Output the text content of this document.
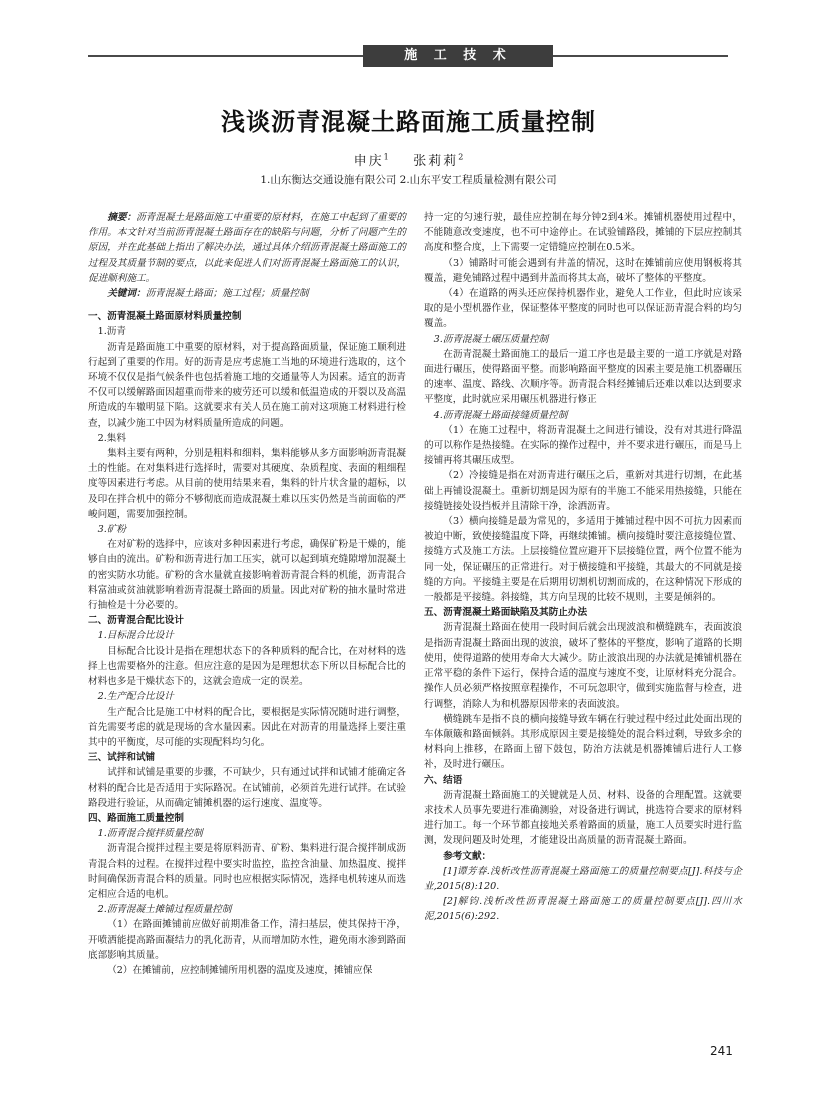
施 工 技 术
浅谈沥青混凝土路面施工质量控制
申庆$^1$ 张莉莉$^2$
1.山东衡达交通设施有限公司 2.山东平安工程质量检测有限公司

摘要：沥青混凝土是路面施工中重要的原材料，在施工中起到了重要的作用。本文针对当前沥青混凝土路面存在的缺陷与问题，分析了问题产生的原因，并在此基础上指出了解决办法，通过具体介绍沥青混凝土路面施工的过程及其质量节制的要点，以此来促进人们对沥青混凝土路面施工的认识，促进顺利施工。

关键词：沥青混凝土路面；施工过程；质量控制

一、沥青混凝土路面原材料质量控制

1.沥青

沥青是路面施工中重要的原材料，对于提高路面质量，保证施工顺利进行起到了重要的作用。好的沥青是应考虑施工当地的环境进行选取的，这个环境不仅仅是指气候条件也包括着施工地的交通量等人为因素。适宜的沥青不仅可以缓解路面因超重而带来的疲劳还可以缓和低温造成的开裂以及高温所造成的车辙明显下陷。这就要求有关人员在施工前对这项施工材料进行检查，以减少施工中因为材料质量所造成的问题。

2.集料

集料主要有两种，分别是粗料和细料，集料能够从多方面影响沥青混凝土的性能。在对集料进行选择时，需要对其硬度、杂质程度、表面的粗细程度等因素进行考虑。从目前的使用结果来看，集料的针片状含量的超标，以及印在拌合机中的筛分不够彻底而造成混凝土难以压实仍然是当前面临的严峻问题，需要加强控制。

3.矿粉

在对矿粉的选择中，应该对多种因素进行考虑，确保矿粉是干燥的，能够自由的流出。矿粉和沥青进行加工压实，就可以起到填充缝隙增加混凝土的密实防水功能。矿粉的含水量就直接影响着沥青混合料的机能，沥青混合料富油或贫油就影响着沥青混凝土路面的质量。因此对矿粉的抽水量时常进行抽检是十分必要的。

二、沥青混合配比设计

1.目标混合比设计

目标配合比设计是指在理想状态下的各种质料的配合比，在对材料的选择上也需要格外的注意。但应注意的是因为是理想状态下所以目标配合比的材料也多是干燥状态下的，这就会造成一定的误差。

2.生产配合比设计

生产配合比是施工中材料的配合比，要根据是实际情况随时进行调整，首先需要考虑的就是现场的含水量因素。因此在对沥青的用量选择上要注重其中的平衡度，尽可能的实现配料均匀化。

三、试拌和试铺

试拌和试铺是重要的步骤，不可缺少，只有通过试拌和试铺才能确定各材料的配合比是否适用于实际路况。在试铺前，必须首先进行试拌。在试验路段进行验证，从而确定铺摊机器的运行速度、温度等。

四、路面施工质量控制

1.沥青混合搅拌质量控制

沥青混合搅拌过程主要是将原料沥青、矿粉、集料进行混合搅拌制成沥青混合料的过程。在搅拌过程中要实时监控，监控含油量、加热温度、搅拌时间确保沥青混合料的质量。同时也应根据实际情况，选择电机转速从而选定相应合适的电机。

2.沥青混凝土摊铺过程质量控制

（1）在路面摊铺前应做好前期准备工作，清扫基层，使其保持干净，开喷洒能提高路面凝结力的乳化沥青，从而增加防水性，避免雨水渗到路面底部影响其质量。

（2）在摊铺前，应控制摊铺所用机器的温度及速度，摊铺应保

持一定的匀速行驶，最佳应控制在每分钟2到4米。摊铺机器使用过程中，不能随意改变速度，也不可中途停止。在试验铺路段，摊铺的下层应控制其高度和整合度，上下需要一定错缝应控制在0.5米。

（3）铺路时可能会遇到有井盖的情况，这时在摊铺前应使用钢板将其覆盖，避免铺路过程中遇到井盖而将其太高，破坏了整体的平整度。

（4）在道路的两头还应保持机器作业，避免人工作业，但此时应该采取的是小型机器作业，保证整体平整度的同时也可以保证沥青混合料的均匀覆盖。

3.沥青混凝土碾压质量控制

在沥青混凝土路面施工的最后一道工序也是最主要的一道工序就是对路面进行碾压，使得路面平整。而影响路面平整度的因素主要是施工机器碾压的速率、温度、路线、次顺序等。沥青混合料经摊铺后还难以难以达到要求平整度，此时就应采用碾压机器进行修正

4.沥青混凝土路面接缝质量控制

（1）在施工过程中，将沥青混凝土之间进行铺设，没有对其进行降温的可以称作是热接缝。在实际的操作过程中，并不要求进行碾压，而是马上接铺再将其碾压成型。

（2）冷接缝是指在对沥青进行碾压之后，重新对其进行切割，在此基础上再铺设混凝土。重新切割是因为原有的半施工不能采用热接缝，只能在接缝链接处设挡板并且清除干净，涂洒沥青。

（3）横向接缝是最为常见的，多适用于摊铺过程中因不可抗力因素而被迫中断，致使接缝温度下降，再继续摊铺。横向接缝时要注意接缝位置、接缝方式及施工方法。上层接缝位置应避开下层接缝位置，两个位置不能为同一处，保证碾压的正常进行。对于横接缝和平接缝，其最大的不同就是接缝的方向。平接缝主要是在后期用切割机切割而成的，在这种情况下形成的一般都是平接缝。斜接缝，其方向呈现的比较不规则，主要是倾斜的。

五、沥青混凝土路面缺陷及其防止办法

沥青混凝土路面在使用一段时间后就会出现波浪和横缝跳车，表面波浪是指沥青混凝土路面出现的波浪，破坏了整体的平整度，影响了道路的长期使用，使得道路的使用寿命大大减少。防止波浪出现的办法就是摊铺机器在正常平稳的条件下运行，保持合适的温度与速度不变，让原材料充分混合。操作人员必须严格按照章程操作，不可玩忽职守，做到实施监督与检查，进行调整，消除人为和机器原因带来的表面波浪。

横缝跳车是指不良的横向接缝导致车辆在行驶过程中经过此处面出现的车体颠簸和路面倾斜。其形成原因主要是接缝处的混合料过剩，导致多余的材料向上推移，在路面上留下鼓包，防治方法就是机器摊铺后进行人工修补，及时进行碾压。

六、结语

沥青混凝土路面施工的关键就是人员、材料、设备的合理配置。这就要求技术人员事先要进行准确测验，对设备进行调试，挑选符合要求的原材料进行加工。每一个环节都直接地关系着路面的质量，施工人员要实时进行监测，发现问题及时处理，才能建设出高质量的沥青混凝土路面。

参考文献：

[1]谭芳春.浅析改性沥青混凝土路面施工的质量控制要点[J].科技与企业,2015(8):120.

[2]解钧.浅析改性沥青混凝土路面施工的质量控制要点[J].四川水泥,2015(6):292.

241
